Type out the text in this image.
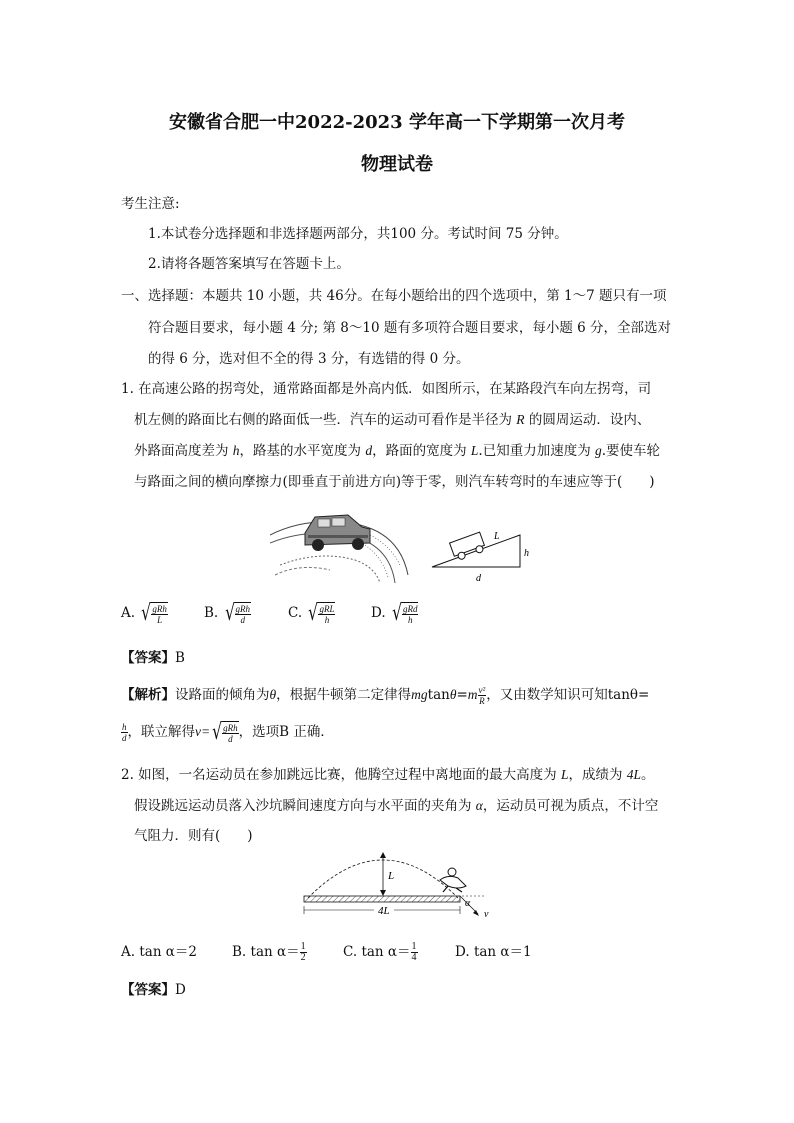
安徽省合肥一中2022-2023 学年高一下学期第一次月考
物理试卷
考生注意:
1.本试卷分选择题和非选择题两部分，共100 分。考试时间 75 分钟。
2.请将各题答案填写在答题卡上。
一、选择题：本题共 10 小题，共 46分。在每小题给出的四个选项中，第 1～7 题只有一项
符合题目要求，每小题 4 分; 第 8～10 题有多项符合题目要求，每小题 6 分，全部选对
的得 6 分，选对但不全的得 3 分，有选错的得 0 分。
1. 在高速公路的拐弯处，通常路面都是外高内低．如图所示，在某路段汽车向左拐弯，司
机左侧的路面比右侧的路面低一些．汽车的运动可看作是半径为 R 的圆周运动．设内、
外路面高度差为 h，路基的水平宽度为 d，路面的宽度为 L.已知重力加速度为 g.要使车轮
与路面之间的横向摩擦力(即垂直于前进方向)等于零，则汽车转弯时的车速应等于(　　)
L
h
d
A. √ $\frac{\text{gRh}}{L}$	B. √ $\frac{\text{gRh}}{d}$	C. √ $\frac{\text{gRL}}{h}$	D. √ $\frac{\text{gRd}}{h}$
【答案】B
【解析】设路面的倾角为θ，根据牛顿第二定律得$mgtan\theta=m \frac{\text{v²}}{R}$ ，又由数学知识可知tanθ=
$\frac{h}{d}$ ，联立解得v= √ $\frac{\text{gRh}}{d}$ ，选项B 正确．
2. 如图，一名运动员在参加跳远比赛，他腾空过程中离地面的最大高度为 L，成绩为 4L。
假设跳远运动员落入沙坑瞬间速度方向与水平面的夹角为 α，运动员可视为质点，不计空
气阻力．则有(　　)
L
4L
α
v
A. tan α＝2	B. $\tan \alpha= \frac{1}{2}$	C. $\tan \alpha= \frac{1}{4}$	D. tan α＝1
【答案】D
